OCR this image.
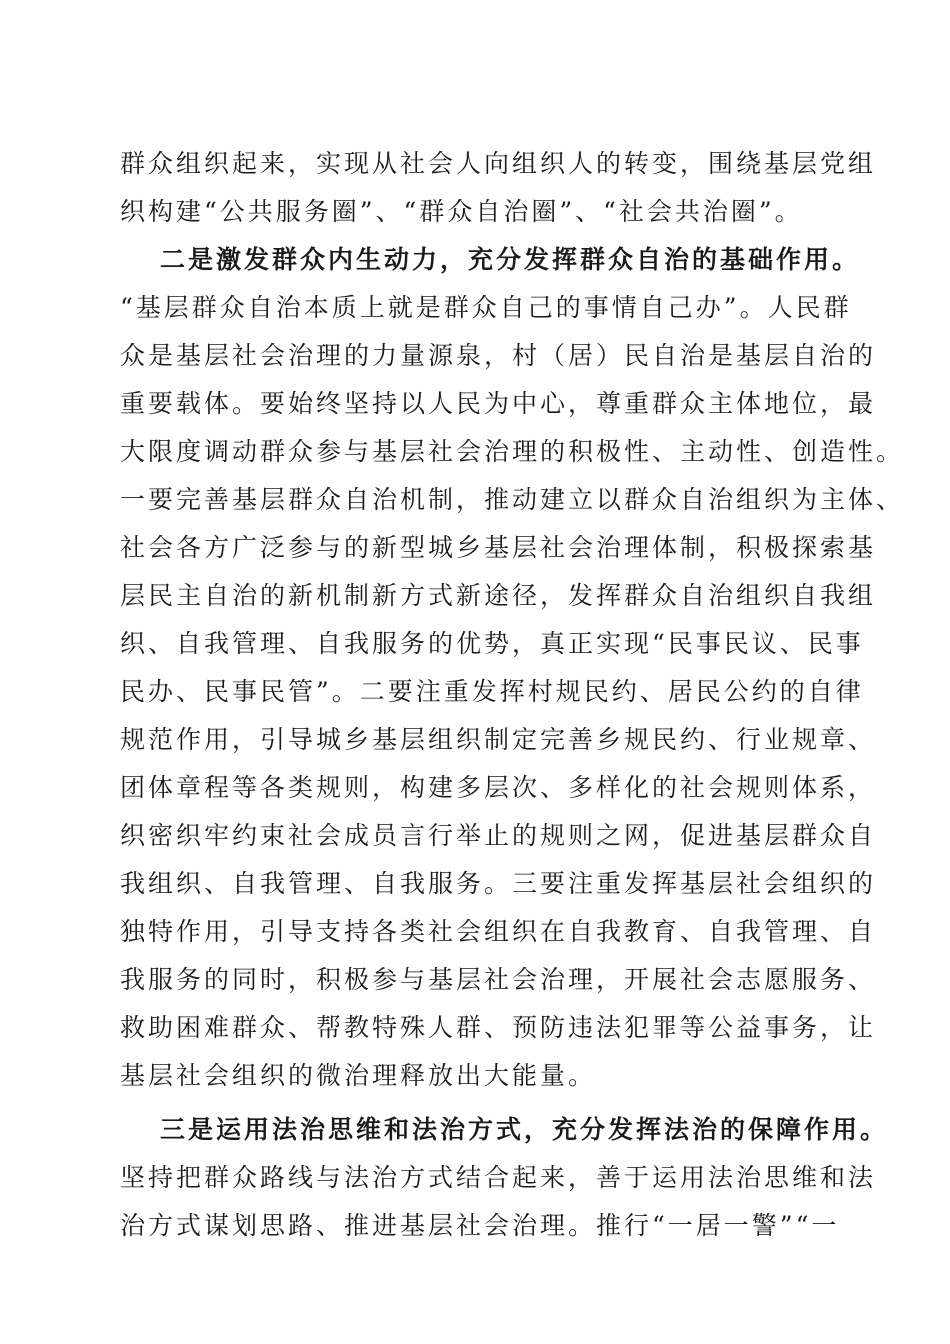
群众组织起来，实现从社会人向组织人的转变，围绕基层党组
织构建“公共服务圈”、“群众自治圈”、“社会共治圈”。
二是激发群众内生动力，充分发挥群众自治的基础作用。
“基层群众自治本质上就是群众自己的事情自己办”。人民群
众是基层社会治理的力量源泉，村（居）民自治是基层自治的
重要载体。要始终坚持以人民为中心，尊重群众主体地位，最
大限度调动群众参与基层社会治理的积极性、主动性、创造性。
一要完善基层群众自治机制，推动建立以群众自治组织为主体、
社会各方广泛参与的新型城乡基层社会治理体制，积极探索基
层民主自治的新机制新方式新途径，发挥群众自治组织自我组
织、自我管理、自我服务的优势，真正实现“民事民议、民事
民办、民事民管”。二要注重发挥村规民约、居民公约的自律
规范作用，引导城乡基层组织制定完善乡规民约、行业规章、
团体章程等各类规则，构建多层次、多样化的社会规则体系，
织密织牢约束社会成员言行举止的规则之网，促进基层群众自
我组织、自我管理、自我服务。三要注重发挥基层社会组织的
独特作用，引导支持各类社会组织在自我教育、自我管理、自
我服务的同时，积极参与基层社会治理，开展社会志愿服务、
救助困难群众、帮教特殊人群、预防违法犯罪等公益事务，让
基层社会组织的微治理释放出大能量。
三是运用法治思维和法治方式，充分发挥法治的保障作用。
坚持把群众路线与法治方式结合起来，善于运用法治思维和法
治方式谋划思路、推进基层社会治理。推行“一居一警”“一
